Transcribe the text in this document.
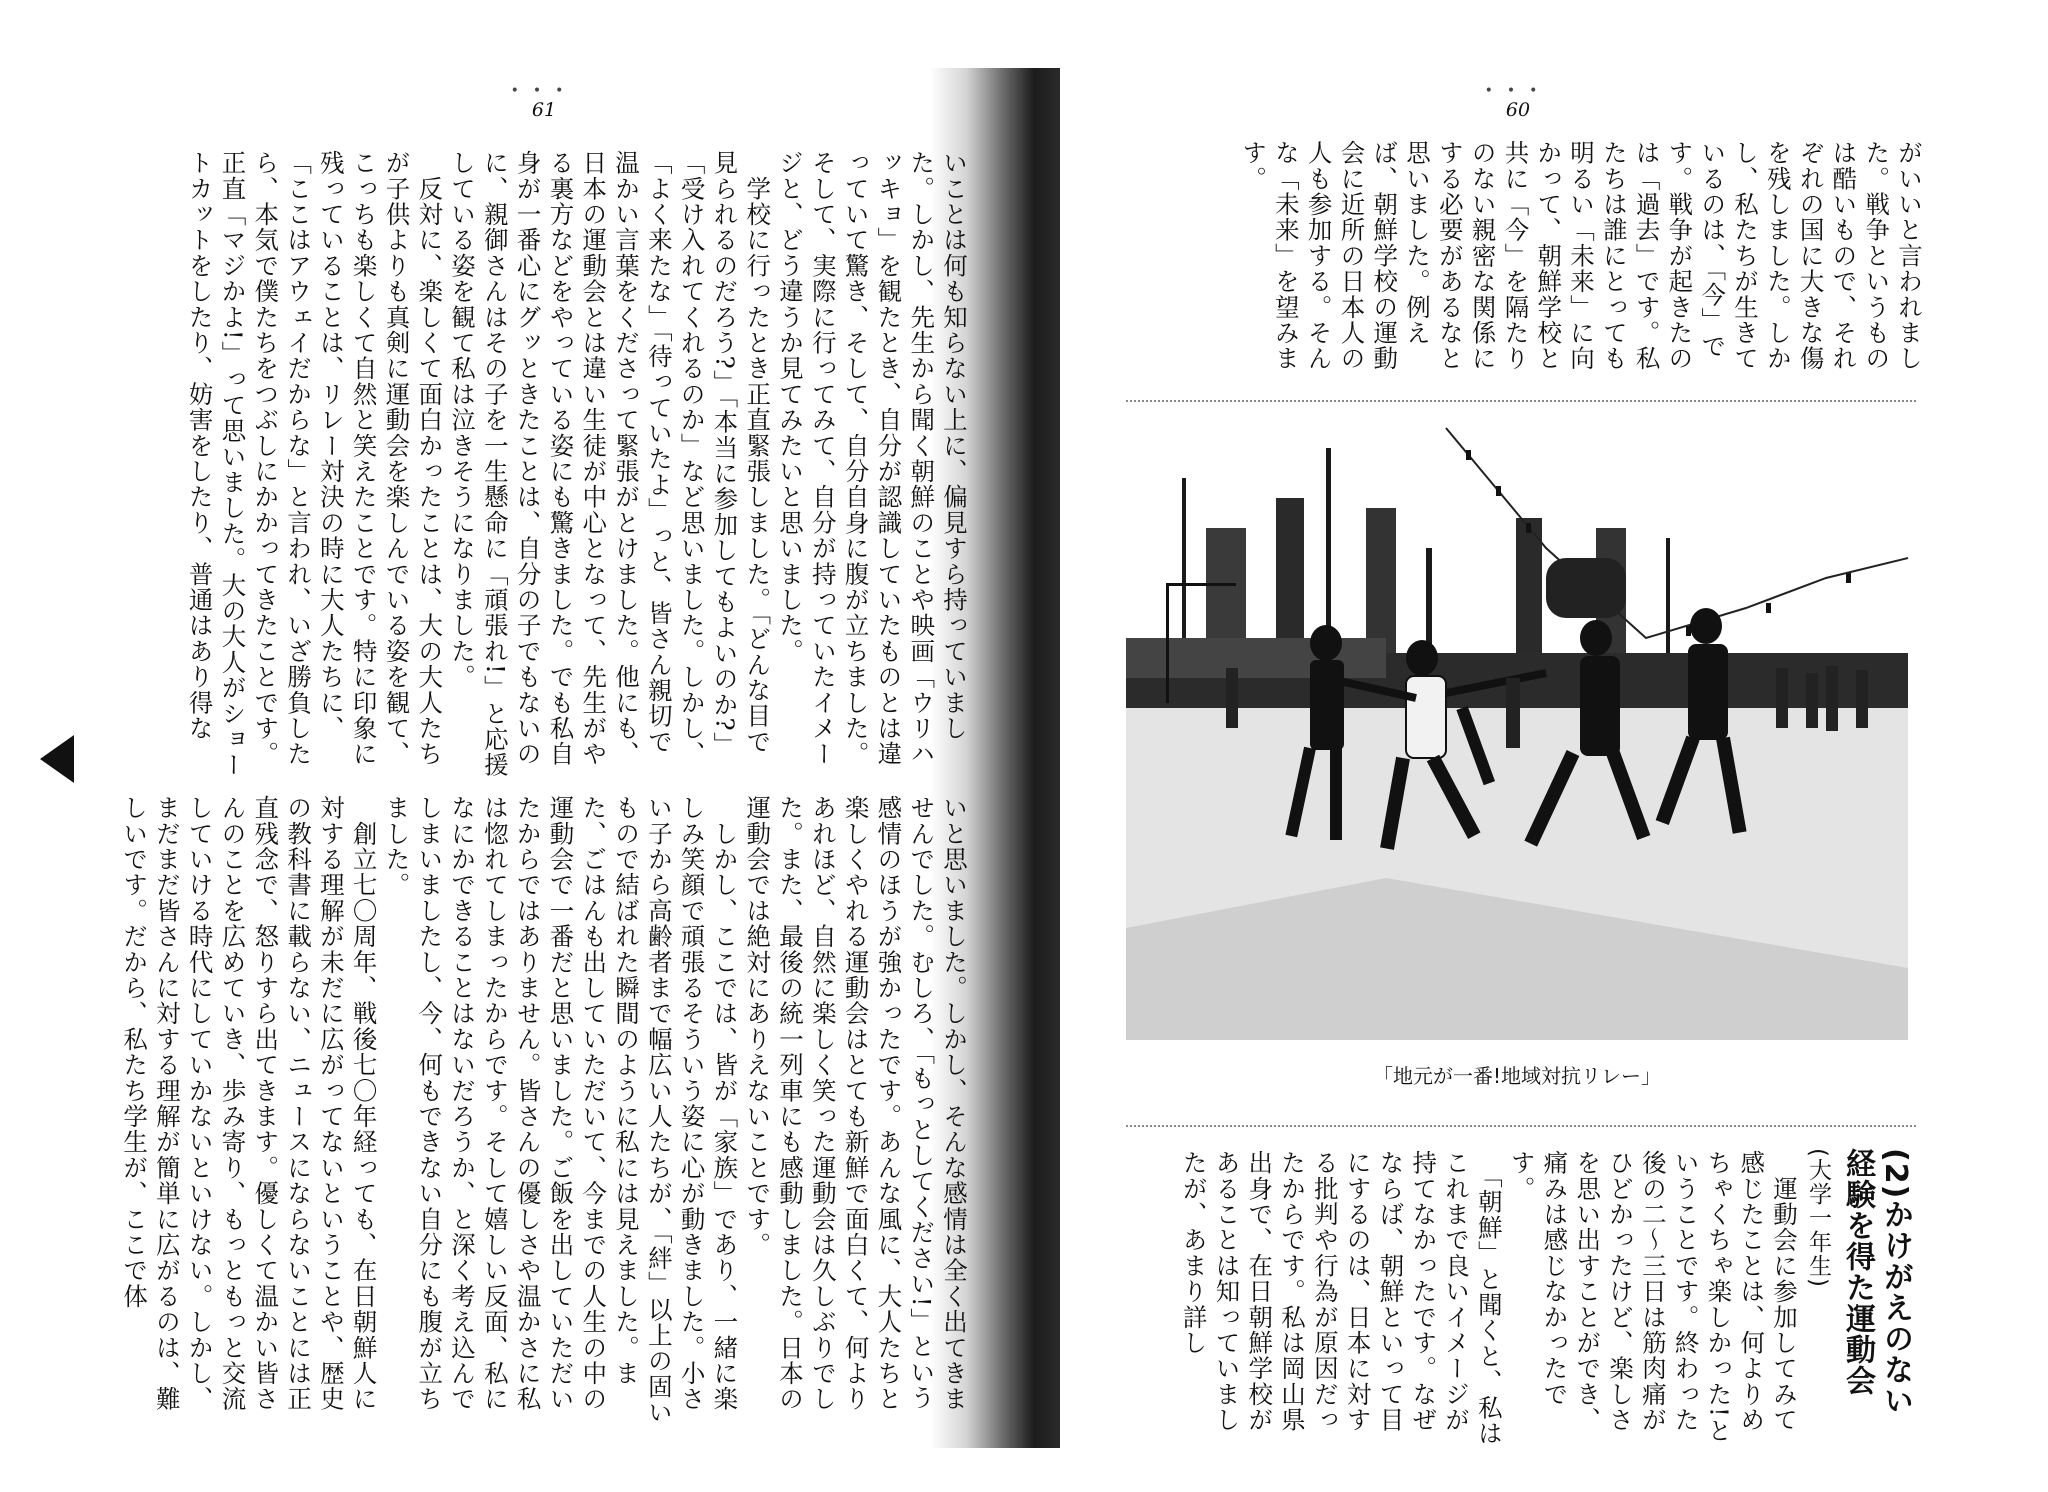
•••
61
いことは何も知らない上に、偏見すら持っていました。しかし、先生から聞く朝鮮のことや映画「ウリハッキョ」を観たとき、自分が認識していたものとは違っていて驚き、そして、自分自身に腹が立ちました。そして、実際に行ってみて、自分が持っていたイメージと、どう違うか見てみたいと思いました。
　学校に行ったとき正直緊張しました。「どんな目で見られるのだろう?」「本当に参加してもよいのか?」「受け入れてくれるのか」など思いました。しかし、「よく来たな」「待っていたよ」っと、皆さん親切で温かい言葉をくださって緊張がとけました。他にも、日本の運動会とは違い生徒が中心となって、先生がやる裏方などをやっている姿にも驚きました。でも私自身が一番心にグッときたことは、自分の子でもないのに、親御さんはその子を一生懸命に「頑張れ!」と応援している姿を観て私は泣きそうになりました。
　反対に、楽しくて面白かったことは、大の大人たちが子供よりも真剣に運動会を楽しんでいる姿を観て、こっちも楽しくて自然と笑えたことです。特に印象に残っていることは、リレー対決の時に大人たちに、「ここはアウェイだからな」と言われ、いざ勝負したら、本気で僕たちをつぶしにかかってきたことです。正直「マジかよ!」って思いました。大の大人がショートカットをしたり、妨害をしたり、普通はあり得な
いと思いました。しかし、そんな感情は全く出てきませんでした。むしろ、「もっとしてください!」という感情のほうが強かったです。あんな風に、大人たちと楽しくやれる運動会はとても新鮮で面白くて、何よりあれほど、自然に楽しく笑った運動会は久しぶりでした。また、最後の統一列車にも感動しました。日本の運動会では絶対にありえないことです。
　しかし、ここでは、皆が「家族」であり、一緒に楽しみ笑顔で頑張るそういう姿に心が動きました。小さい子から高齢者まで幅広い人たちが、「絆」以上の固いもので結ばれた瞬間のように私には見えました。また、ごはんも出していただいて、今までの人生の中の運動会で一番だと思いました。ご飯を出していただいたからではありません。皆さんの優しさや温かさに私は惚れてしまったからです。そして嬉しい反面、私になにかできることはないだろうか、と深く考え込んでしまいましたし、今、何もできない自分にも腹が立ちました。
　創立七〇周年、戦後七〇年経っても、在日朝鮮人に対する理解が未だに広がってないということや、歴史の教科書に載らない、ニュースにならないことには正直残念で、怒りすら出てきます。優しくて温かい皆さんのことを広めていき、歩み寄り、もっともっと交流していける時代にしていかないといけない。しかし、まだまだ皆さんに対する理解が簡単に広がるのは、難しいです。だから、私たち学生が、ここで体
•••
60
がいいと言われました。戦争というものは酷いもので、それぞれの国に大きな傷を残しました。しかし、私たちが生きているのは、「今」です。戦争が起きたのは「過去」です。私たちは誰にとっても明るい「未来」に向かって、朝鮮学校と共に「今」を隔たりのない親密な関係にする必要があるなと思いました。例えば、朝鮮学校の運動会に近所の日本人の人も参加する。そんな「未来」を望みます。
「地元が一番!地域対抗リレー」
(2)かけがえのない
経験を得た運動会
(大学一年生)
　運動会に参加してみて感じたことは、何よりめちゃくちゃ楽しかった!ということです。終わった後の二〜三日は筋肉痛がひどかったけど、楽しさを思い出すことができ、痛みは感じなかったです。
　「朝鮮」と聞くと、私はこれまで良いイメージが持てなかったです。なぜならば、朝鮮といって目にするのは、日本に対する批判や行為が原因だったからです。私は岡山県出身で、在日朝鮮学校があることは知っていましたが、あまり詳し
